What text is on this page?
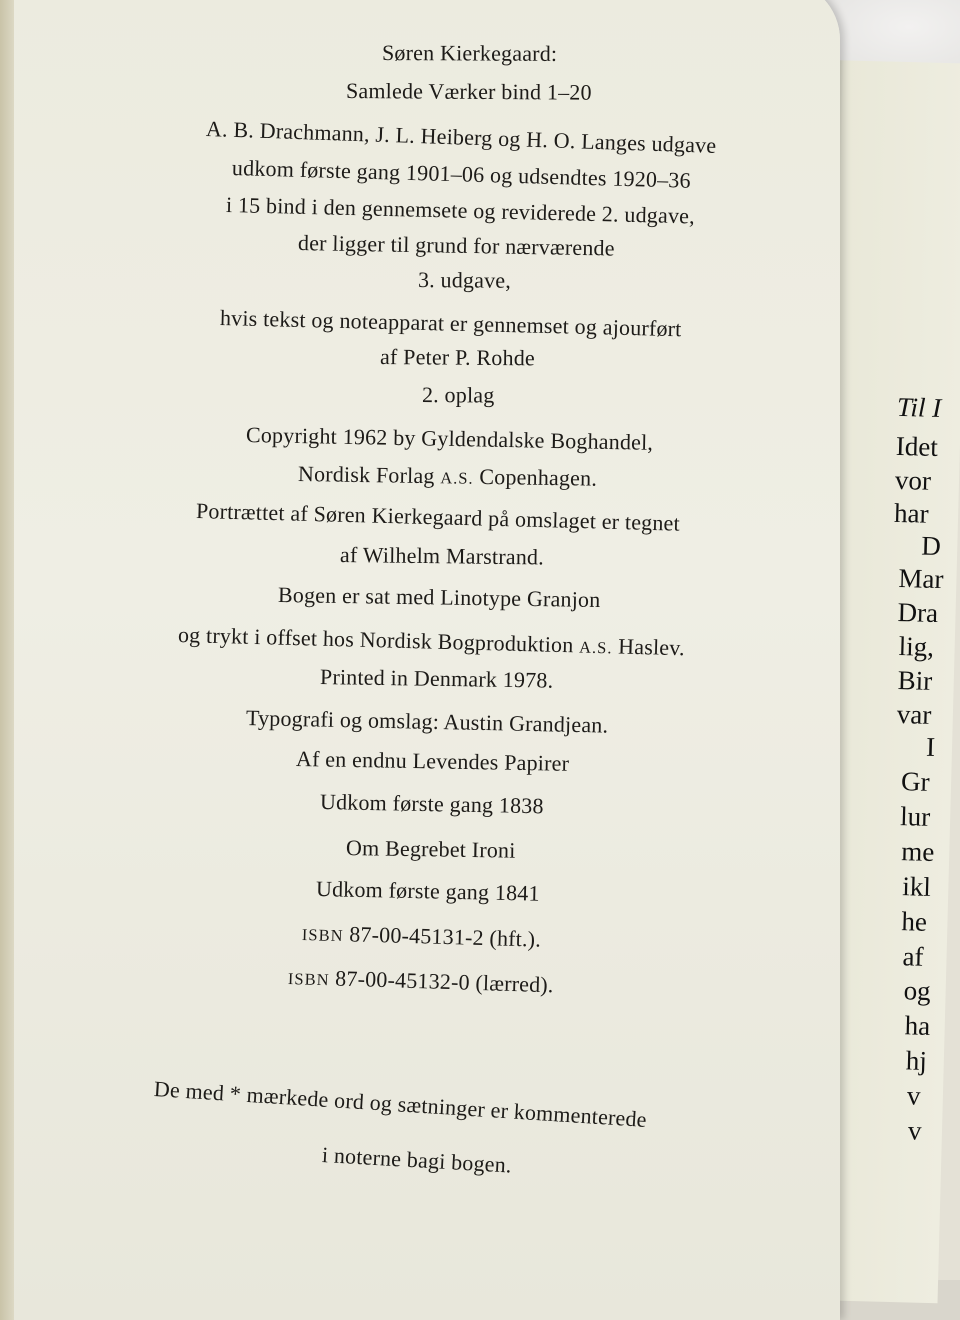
Til I
Idet
vor
har
D
Mar
Dra
lig,
Bir
var
I
Gr
lur
me
ikl
he
af
og
ha
hj
v
v
Søren Kierkegaard:
Samlede Værker bind 1–20
A. B. Drachmann, J. L. Heiberg og H. O. Langes udgave
udkom første gang 1901–06 og udsendtes 1920–36
i 15 bind i den gennemsete og reviderede 2. udgave,
der ligger til grund for nærværende
3. udgave,
hvis tekst og noteapparat er gennemset og ajourført
af Peter P. Rohde
2. oplag
Copyright 1962 by Gyldendalske Boghandel,
Nordisk Forlag A.S. Copenhagen.
Portrættet af Søren Kierkegaard på omslaget er tegnet
af Wilhelm Marstrand.
Bogen er sat med Linotype Granjon
og trykt i offset hos Nordisk Bogproduktion A.S. Haslev.
Printed in Denmark 1978.
Typografi og omslag: Austin Grandjean.
Af en endnu Levendes Papirer
Udkom første gang 1838
Om Begrebet Ironi
Udkom første gang 1841
ISBN 87-00-45131-2 (hft.).
ISBN 87-00-45132-0 (lærred).
De med * mærkede ord og sætninger er kommenterede
i noterne bagi bogen.
